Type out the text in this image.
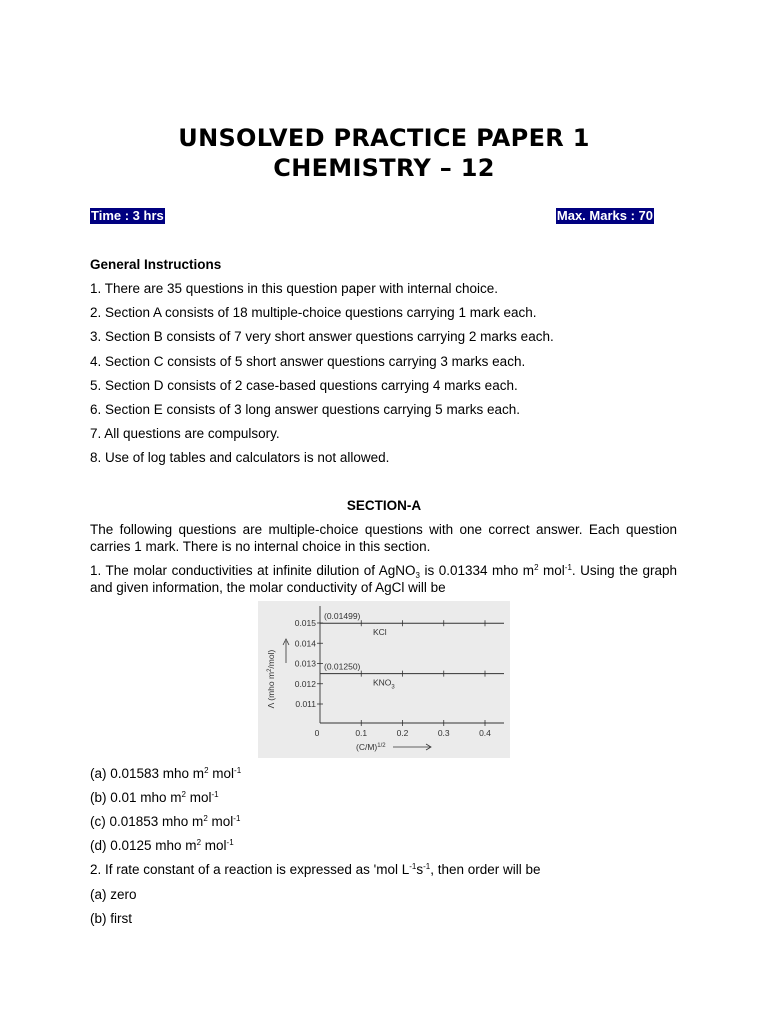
UNSOLVED PRACTICE PAPER 1
CHEMISTRY – 12
Time : 3 hrs	Max. Marks : 70
General Instructions
1. There are 35 questions in this question paper with internal choice.
2. Section A consists of 18 multiple-choice questions carrying 1 mark each.
3. Section B consists of 7 very short answer questions carrying 2 marks each.
4. Section C consists of 5 short answer questions carrying 3 marks each.
5. Section D consists of 2 case-based questions carrying 4 marks each.
6. Section E consists of 3 long answer questions carrying 5 marks each.
7. All questions are compulsory.
8. Use of log tables and calculators is not allowed.
SECTION-A

The following questions are multiple-choice questions with one correct answer. Each question carries 1 mark. There is no internal choice in this section.

1. The molar conductivities at infinite dilution of AgNO$_3$ is 0.01334 mho $m^2$ mol$^{-1}$. Using the graph and given information, the molar conductivity of AgCl will be

Λ (mho $m^2/mol$)
$(C/M)^{1/2}$
0.015
0.014
0.013
0.012
0.011
0	0.1	0.2	0.3	0.4
(0.01499)
KCl
(0.01250)
$KNO_3$
(a) 0.01583 mho $m^2$ mol$^{-1}$
(b) 0.01 mho $m^2$ mol$^{-1}$
(c) 0.01853 mho $m^2$ mol$^{-1}$
(d) 0.0125 mho $m^2$ mol$^{-1}$
2. If rate constant of a reaction is expressed as 'mol $L^{-1}s^{-1}$, then order will be
(a) zero
(b) first
